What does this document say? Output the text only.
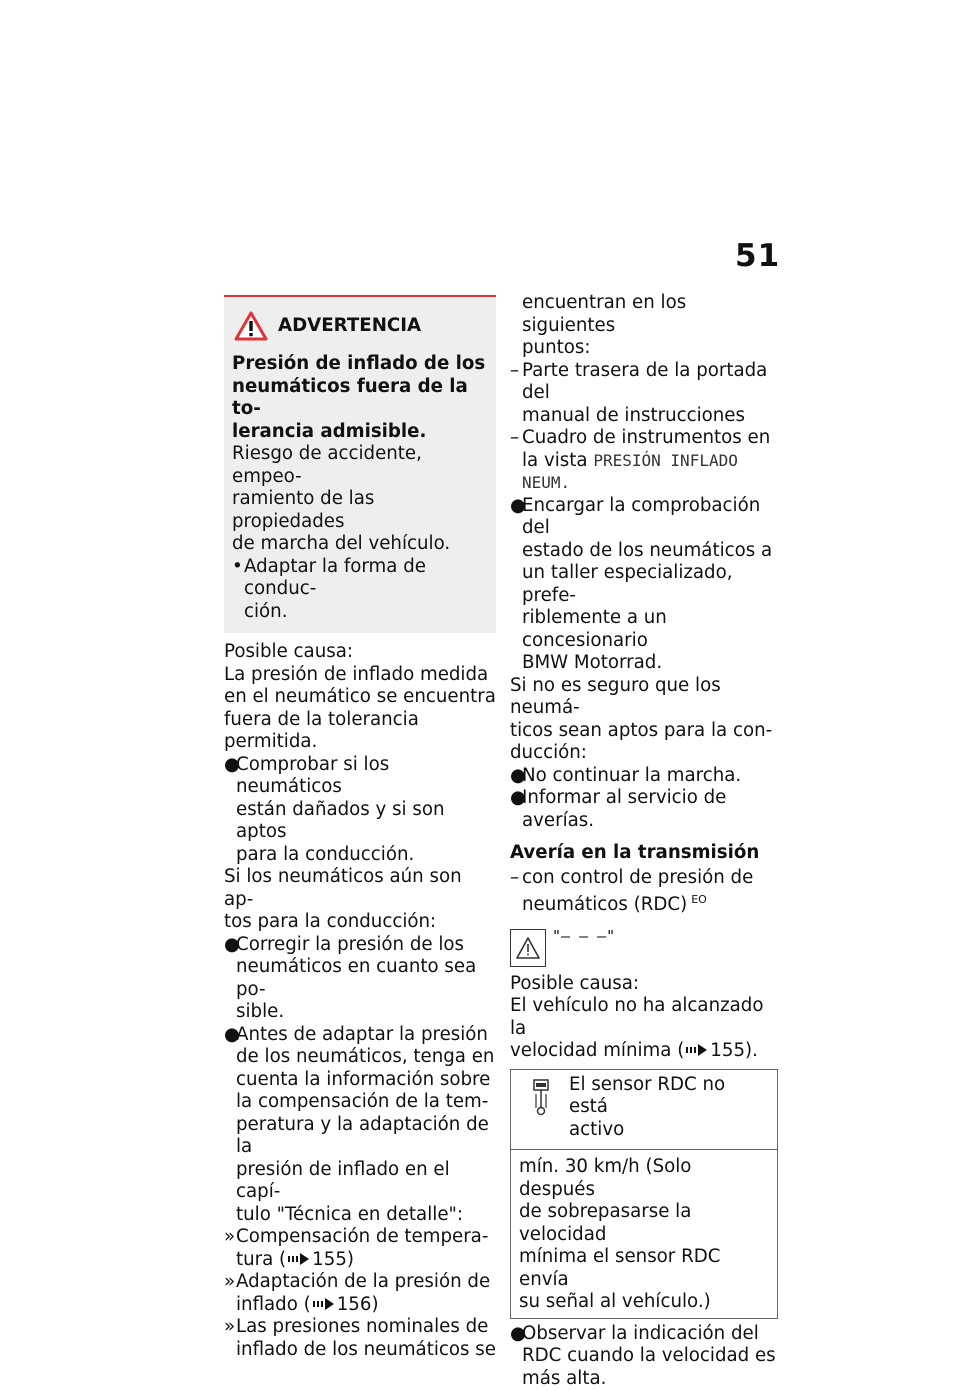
51
ADVERTENCIA

Presión de inflado de los
neumáticos fuera de la to-
lerancia admisible.

Riesgo de accidente, empeo-
ramiento de las propiedades
de marcha del vehículo.

• Adaptar la forma de conduc-
ción.

Posible causa:

La presión de inflado medida
en el neumático se encuentra
fuera de la tolerancia permitida.

●
Comprobar si los neumáticos
están dañados y si son aptos
para la conducción.

Si los neumáticos aún son ap-
tos para la conducción:

●
Corregir la presión de los
neumáticos en cuanto sea po-
sible.
●
Antes de adaptar la presión
de los neumáticos, tenga en
cuenta la información sobre
la compensación de la tem-
peratura y la adaptación de la
presión de inflado en el capí-
tulo "Técnica en detalle":
» Compensación de tempera-
tura ( 155)
» Adaptación de la presión de
inflado ( 156)
» Las presiones nominales de
inflado de los neumáticos se

encuentran en los siguientes
puntos:

– Parte trasera de la portada del
manual de instrucciones
– Cuadro de instrumentos en
la vista PRESIÓN INFLADO
NEUM.
●
Encargar la comprobación del
estado de los neumáticos a
un taller especializado, prefe-
riblemente a un concesionario
BMW Motorrad.

Si no es seguro que los neumá-
ticos sean aptos para la con-
ducción:

●
No continuar la marcha.
●
Informar al servicio de averías.

Avería en la transmisión

– con control de presión de
neumáticos (RDC) $^{EO}$
"– – –"

Posible causa:

El vehículo no ha alcanzado la
velocidad mínima ( 155).

El sensor RDC no está
activo
mín. 30 km/h (Solo después
de sobrepasarse la velocidad
mínima el sensor RDC envía
su señal al vehículo.)
●
Observar la indicación del
RDC cuando la velocidad es
más alta.
